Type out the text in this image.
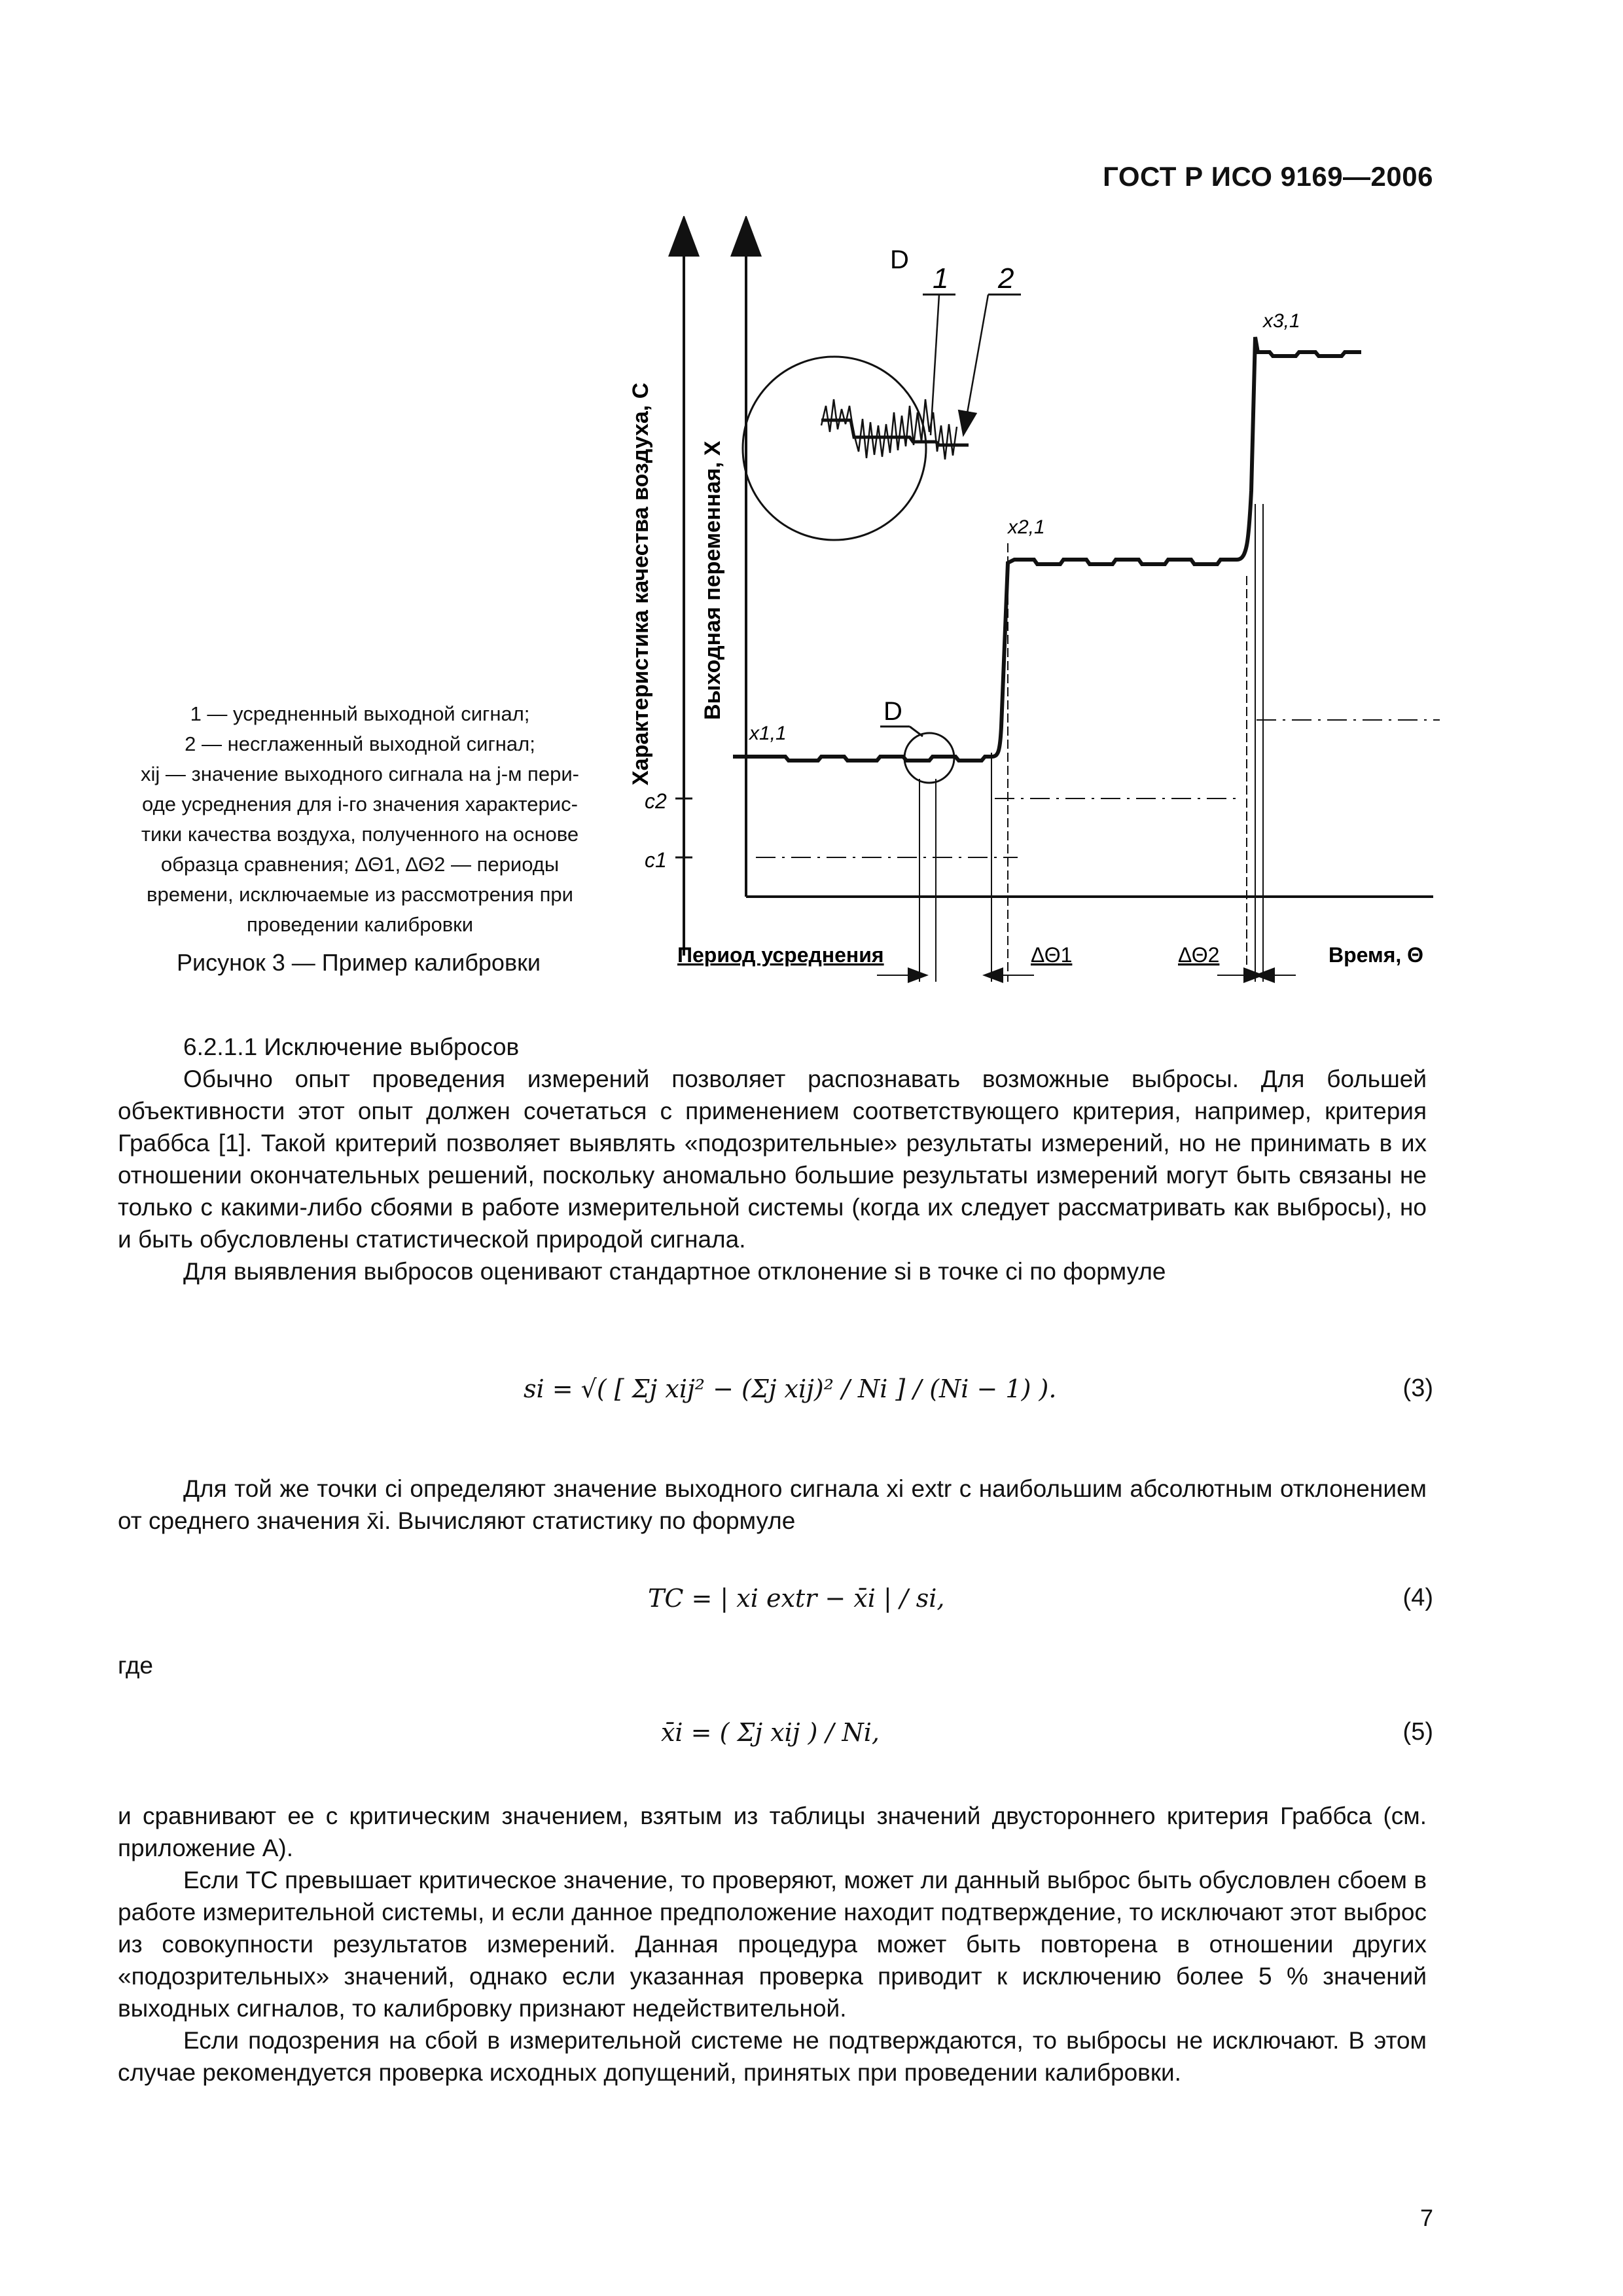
ГОСТ Р ИСО 9169—2006
Характеристика качества воздуха, C Выходная переменная, X
c2
c1
D
D
1 2
x3,1
x2,1
x1,1
Период усреднения	ΔΘ1	ΔΘ2	Время, Θ
1 — усредненный выходной сигнал;
2 — несглаженный выходной сигнал;
xij — значение выходного сигнала на j-м пери-
оде усреднения для i-го значения характерис-
тики качества воздуха, полученного на основе
образца сравнения; ΔΘ1, ΔΘ2 — периоды
времени, исключаемые из рассмотрения при
проведении калибровки
Рисунок 3 — Пример калибровки

6.2.1.1 Исключение выбросов

Обычно опыт проведения измерений позволяет распознавать возможные выбросы. Для большей объективности этот опыт должен сочетаться с применением соответствующего критерия, например, критерия Граббса [1]. Такой критерий позволяет выявлять «подозрительные» результаты измерений, но не принимать в их отношении окончательных решений, поскольку аномально большие результаты измерений могут быть связаны не только с какими-либо сбоями в работе измерительной системы (когда их следует рассматривать как выбросы), но и быть обусловлены статистической природой сигнала.

Для выявления выбросов оценивают стандартное отклонение si в точке ci по формуле

si = √( [ Σj xij² − (Σj xij)² / Ni ] / (Ni − 1) ).	(3)

Для той же точки ci определяют значение выходного сигнала xi extr с наибольшим абсолютным отклонением от среднего значения x̄i. Вычисляют статистику по формуле

ТС = | xi extr − x̄i | / si,	(4)
где
x̄i = ( Σj xij ) / Ni,	(5)

и сравнивают ее с критическим значением, взятым из таблицы значений двустороннего критерия Граббса (см. приложение А).

Если ТС превышает критическое значение, то проверяют, может ли данный выброс быть обусловлен сбоем в работе измерительной системы, и если данное предположение находит подтверждение, то исключают этот выброс из совокупности результатов измерений. Данная процедура может быть повторена в отношении других «подозрительных» значений, однако если указанная проверка приводит к исключению более 5 % значений выходных сигналов, то калибровку признают недействительной.

Если подозрения на сбой в измерительной системе не подтверждаются, то выбросы не исключают. В этом случае рекомендуется проверка исходных допущений, принятых при проведении калибровки.

7
